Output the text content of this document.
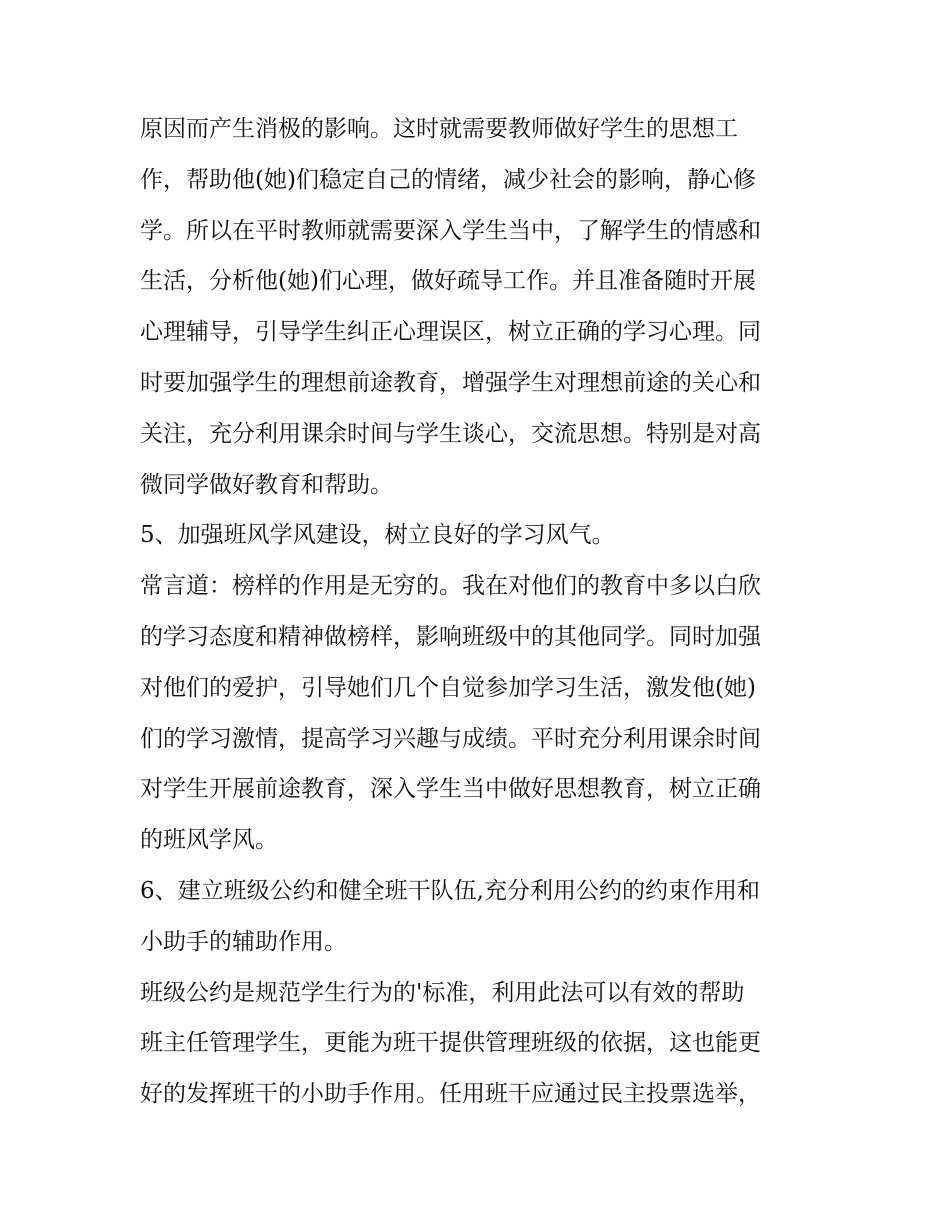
原因而产生消极的影响。这时就需要教师做好学生的思想工
作，帮助他(她)们稳定自己的情绪，减少社会的影响，静心修
学。所以在平时教师就需要深入学生当中，了解学生的情感和
生活，分析他(她)们心理，做好疏导工作。并且准备随时开展
心理辅导，引导学生纠正心理误区，树立正确的学习心理。同
时要加强学生的理想前途教育，增强学生对理想前途的关心和
关注，充分利用课余时间与学生谈心，交流思想。特别是对高
微同学做好教育和帮助。
5、加强班风学风建设，树立良好的学习风气。
常言道：榜样的作用是无穷的。我在对他们的教育中多以白欣
的学习态度和精神做榜样，影响班级中的其他同学。同时加强
对他们的爱护，引导她们几个自觉参加学习生活，激发他(她)
们的学习激情，提高学习兴趣与成绩。平时充分利用课余时间
对学生开展前途教育，深入学生当中做好思想教育，树立正确
的班风学风。
6、建立班级公约和健全班干队伍,充分利用公约的约束作用和
小助手的辅助作用。
班级公约是规范学生行为的'标准，利用此法可以有效的帮助
班主任管理学生，更能为班干提供管理班级的依据，这也能更
好的发挥班干的小助手作用。任用班干应通过民主投票选举，
